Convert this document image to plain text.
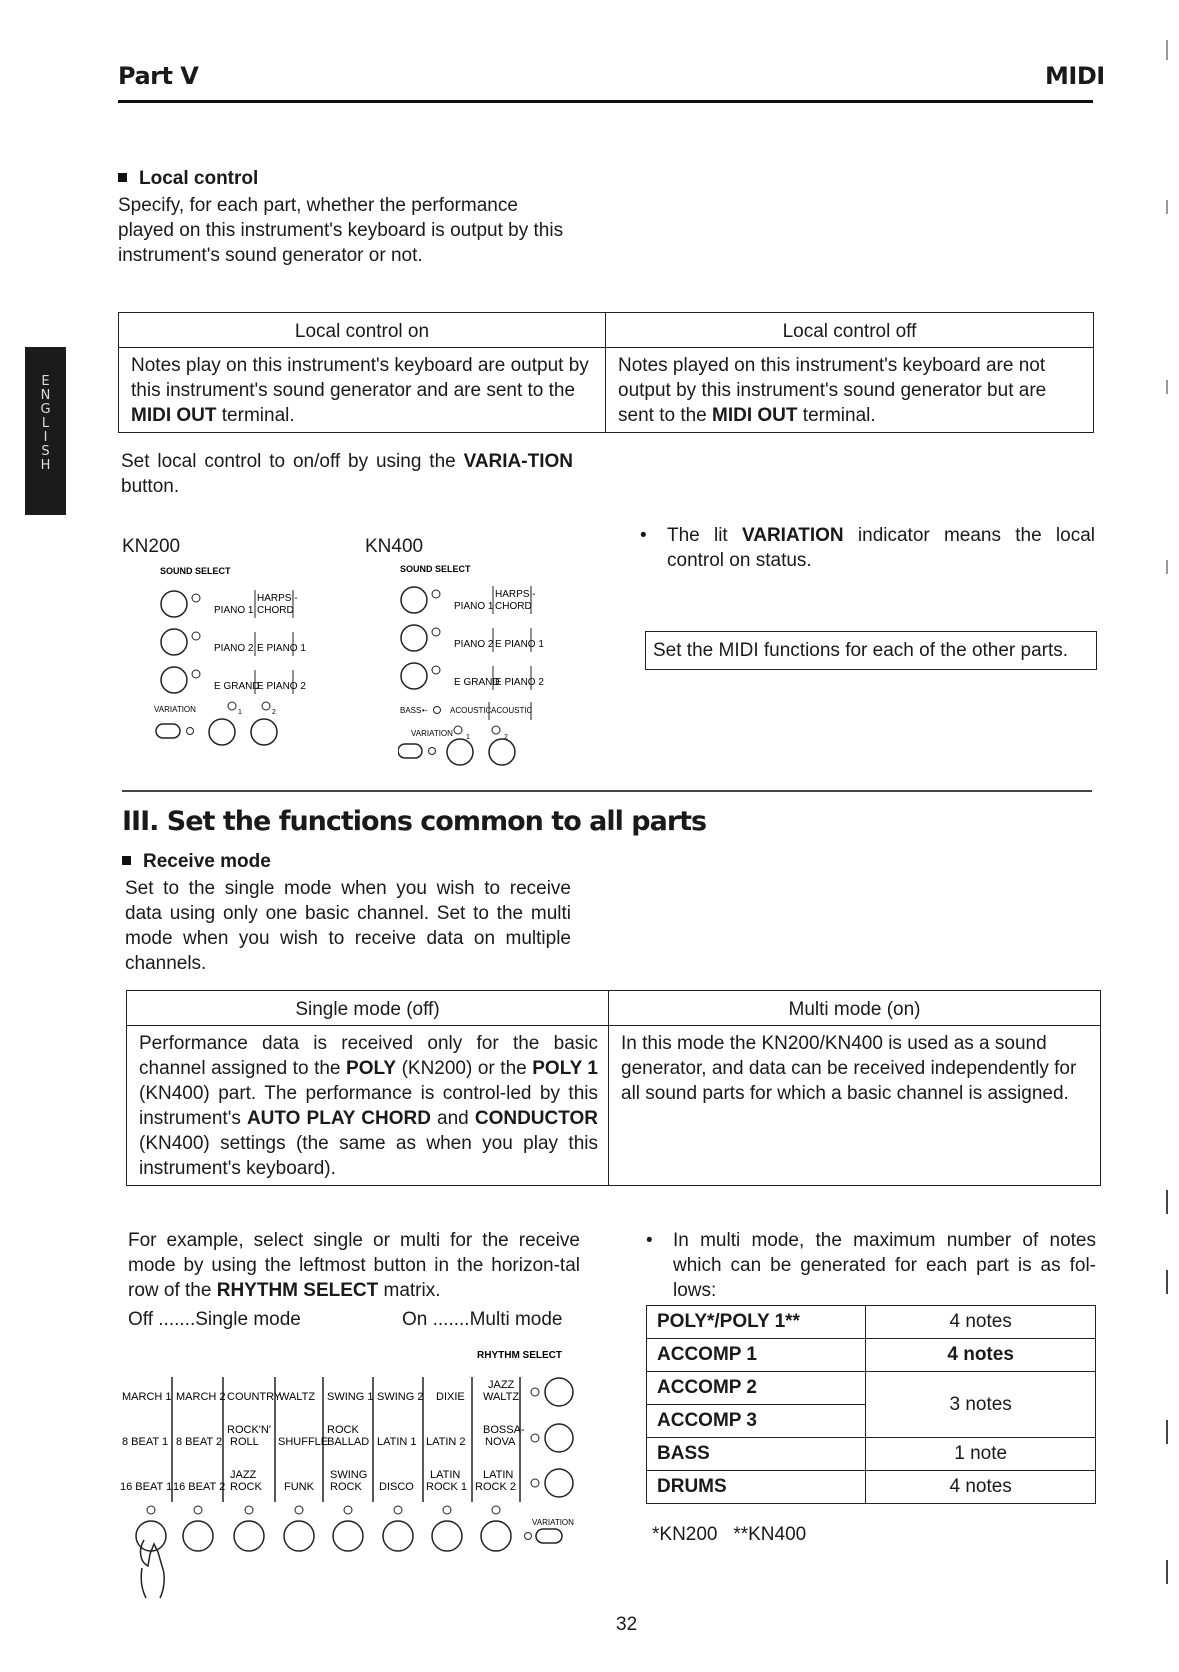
Part V	MIDI
E
N
G
L
I
S
H
Local control
Specify, for each part, whether the performance played on this instrument's keyboard is output by this instrument's sound generator or not.
Local control on	Local control off
Notes play on this instrument's keyboard are output by this instrument's sound generator and are sent to the MIDI OUT terminal.	Notes played on this instrument's keyboard are not output by this instrument's sound generator but are sent to the MIDI OUT terminal.
Set local control to on/off by using the VARIA-TION button.
• The lit VARIATION indicator means the local control on status.
Set the MIDI functions for each of the other parts.
KN200
SOUND SELECT
PIANO 1
HARPSI-
CHORD
PIANO 2 E PIANO 1
E GRAND
E PIANO 2
VARIATION	1	2
KN400
SOUND SELECT
PIANO 1
HARPSI-
CHORD
PIANO 2 E PIANO 1
E GRAND
E PIANO 2
BASS •-	ACOUSTIC ACOUSTIC
VARIATION 1	2
III. Set the functions common to all parts
Receive mode
Set to the single mode when you wish to receive data using only one basic channel. Set to the multi mode when you wish to receive data on multiple channels.
Single mode (off)	Multi mode (on)
Performance data is received only for the basic channel assigned to the POLY (KN200) or the POLY 1 (KN400) part. The performance is control-led by this instrument's AUTO PLAY CHORD and CONDUCTOR (KN400) settings (the same as when you play this instrument's keyboard).	In this mode the KN200/KN400 is used as a sound generator, and data can be received independently for all sound parts for which a basic channel is assigned.
For example, select single or multi for the receive mode by using the leftmost button in the horizon-tal row of the RHYTHM SELECT matrix.
Off .......Single mode	On .......Multi mode
RHYTHM SELECT
MARCH 1 MARCH 2 COUNTRY
WALTZ SWING 1 SWING 2 DIXIE
JAZZ
WALTZ
ROCK'N'	ROCK	BOSSA-
8 BEAT 1 8 BEAT 2 ROLL SHUFFLE
BALLAD LATIN 1 LATIN 2 NOVA
JAZZ	SWING	LATIN LATIN
16 BEAT 1 16 BEAT 2 ROCK FUNK ROCK DISCO ROCK 1 ROCK 2
VARIATION
• In multi mode, the maximum number of notes which can be generated for each part is as fol-lows:
POLY*/POLY 1**	4 notes
ACCOMP 1	4 notes
ACCOMP 2	3 notes
ACCOMP 3	
BASS	1 note
DRUMS	4 notes
*KN200   **KN400
32
